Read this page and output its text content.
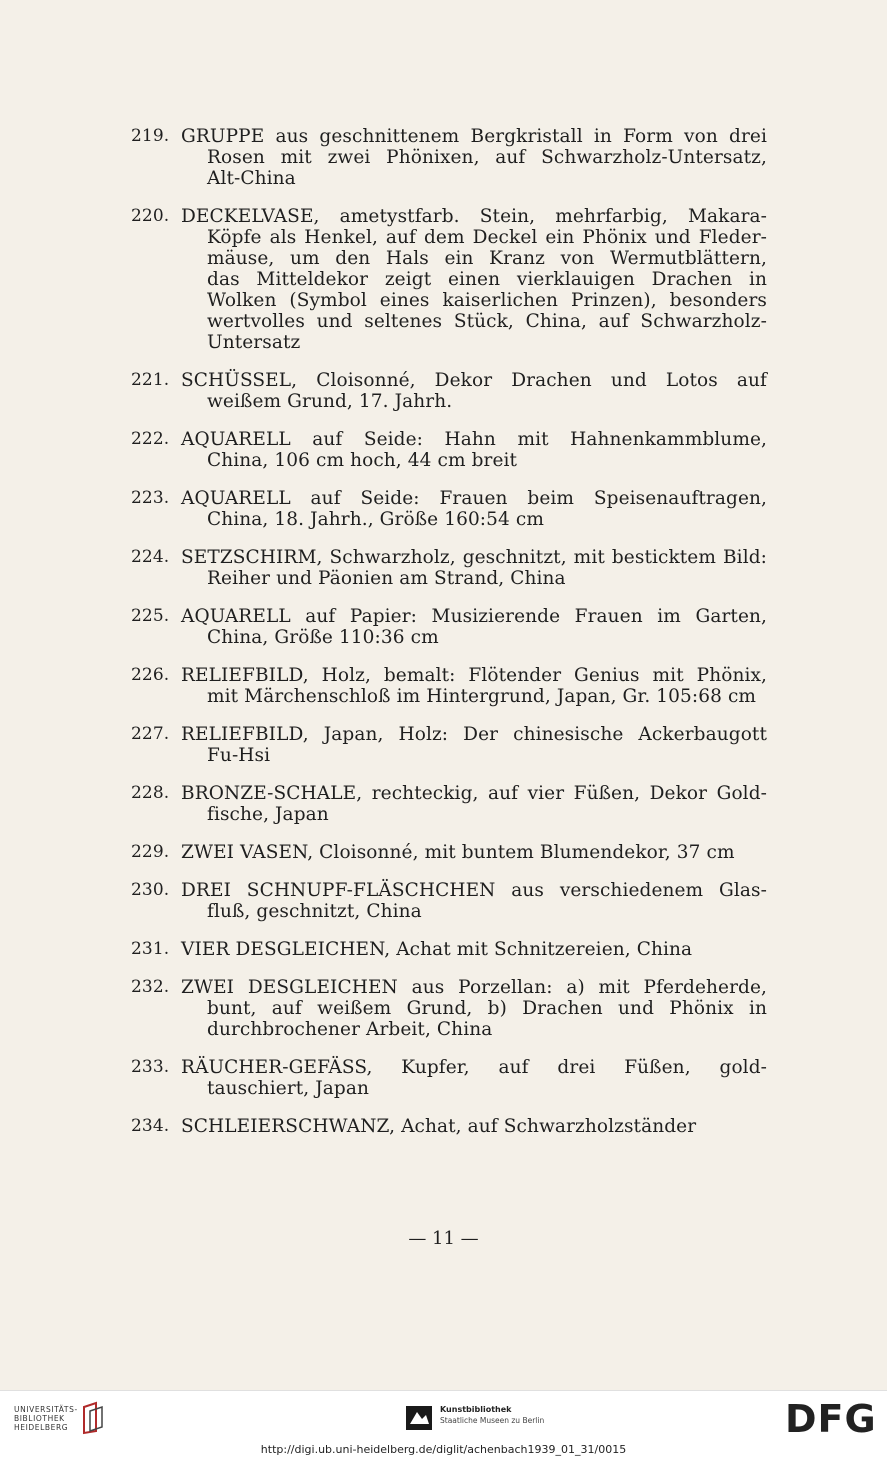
219. GRUPPE aus geschnittenem Bergkristall in Form von drei
Rosen mit zwei Phönixen, auf Schwarzholz-Untersatz,
Alt-China
220. DECKELVASE, ametystfarb. Stein, mehrfarbig, Makara-
Köpfe als Henkel, auf dem Deckel ein Phönix und Fleder-
mäuse, um den Hals ein Kranz von Wermutblättern,
das Mitteldekor zeigt einen vierklauigen Drachen in
Wolken (Symbol eines kaiserlichen Prinzen), besonders
wertvolles und seltenes Stück, China, auf Schwarzholz-
Untersatz
221. SCHÜSSEL, Cloisonné, Dekor Drachen und Lotos auf
weißem Grund, 17. Jahrh.
222. AQUARELL auf Seide: Hahn mit Hahnenkammblume,
China, 106 cm hoch, 44 cm breit
223. AQUARELL auf Seide: Frauen beim Speisenauftragen,
China, 18. Jahrh., Größe 160:54 cm
224. SETZSCHIRM, Schwarzholz, geschnitzt, mit besticktem Bild:
Reiher und Päonien am Strand, China
225. AQUARELL auf Papier: Musizierende Frauen im Garten,
China, Größe 110:36 cm
226. RELIEFBILD, Holz, bemalt: Flötender Genius mit Phönix,
mit Märchenschloß im Hintergrund, Japan, Gr. 105:68 cm
227. RELIEFBILD, Japan, Holz: Der chinesische Ackerbaugott
Fu-Hsi
228. BRONZE-SCHALE, rechteckig, auf vier Füßen, Dekor Gold-
fische, Japan
229. ZWEI VASEN, Cloisonné, mit buntem Blumendekor, 37 cm
230. DREI SCHNUPF-FLÄSCHCHEN aus verschiedenem Glas-
fluß, geschnitzt, China
231. VIER DESGLEICHEN, Achat mit Schnitzereien, China
232. ZWEI DESGLEICHEN aus Porzellan: a) mit Pferdeherde,
bunt, auf weißem Grund, b) Drachen und Phönix in
durchbrochener Arbeit, China
233. RÄUCHER-GEFÄSS, Kupfer, auf drei Füßen, gold-
tauschiert, Japan
234. SCHLEIERSCHWANZ, Achat, auf Schwarzholzständer
— 11 —
UNIVERSITÄTS-
BIBLIOTHEK
HEIDELBERG
Kunstbibliothek
Staatliche Museen zu Berlin	DFG
http://digi.ub.uni-heidelberg.de/diglit/achenbach1939_01_31/0015
